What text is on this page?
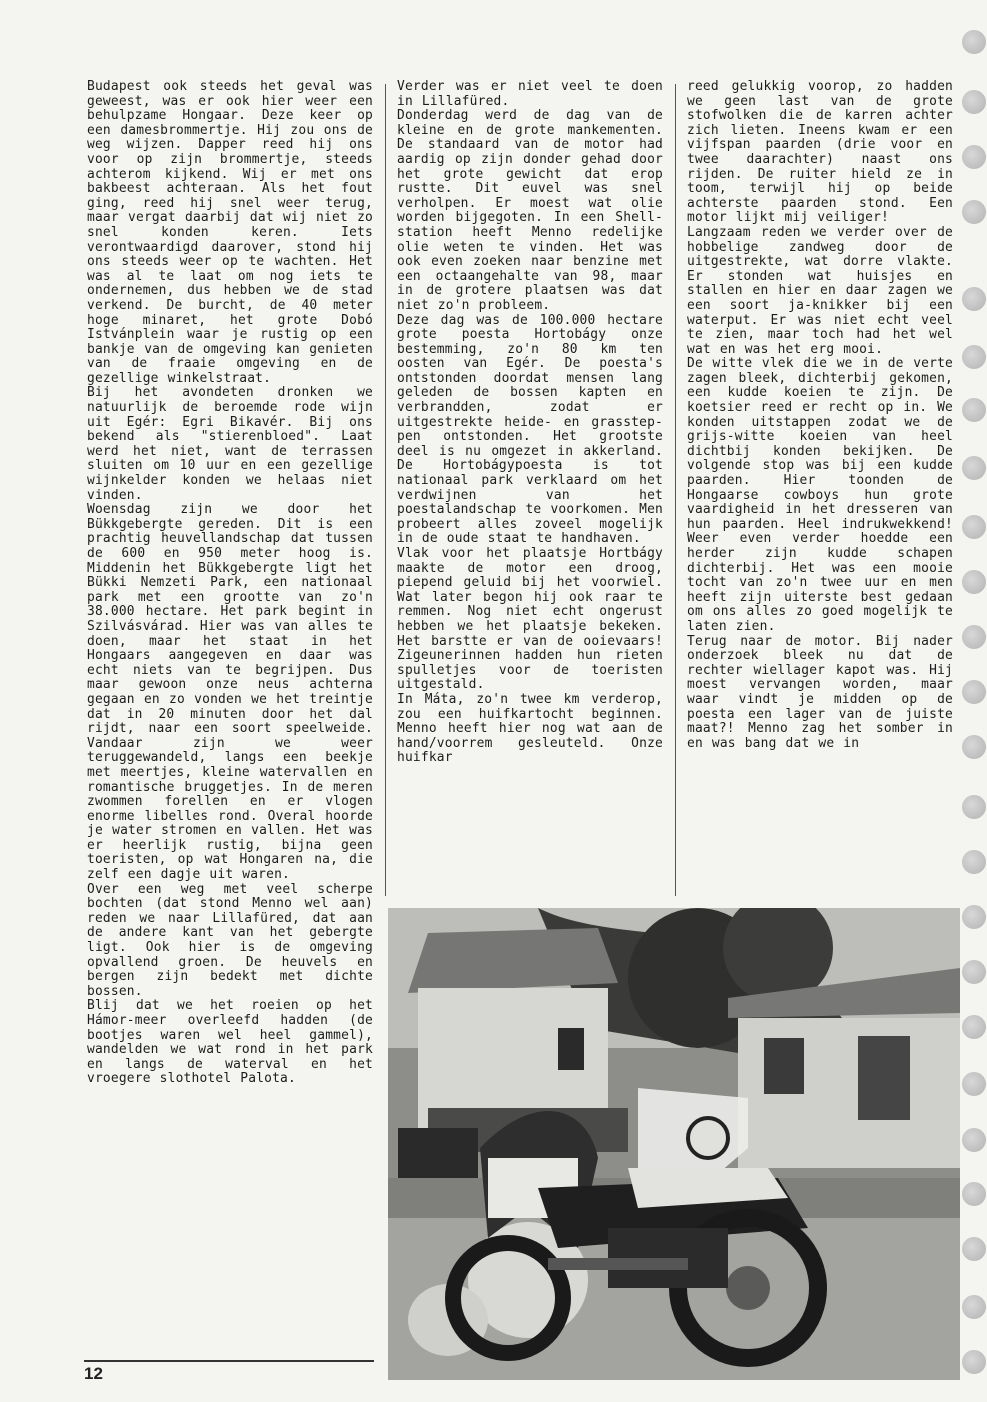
Budapest ook steeds het geval was geweest, was er ook hier weer een behulpzame Hongaar. Deze keer op een damesbrommertje. Hij zou ons de weg wijzen. Dapper reed hij ons voor op zijn brommertje, steeds achterom kijkend. Wij er met ons bakbeest achteraan. Als het fout ging, reed hij snel weer terug, maar vergat daarbij dat wij niet zo snel konden keren. Iets verontwaardigd daarover, stond hij ons steeds weer op te wachten. Het was al te laat om nog iets te ondernemen, dus hebben we de stad verkend. De burcht, de 40 meter hoge minaret, het grote Dobó Istvánplein waar je rustig op een bankje van de omgeving kan genieten van de fraaie omgeving en de gezellige winkelstraat.

Bij het avondeten dronken we natuurlijk de beroemde rode wijn uit Egér: Egri Bikavér. Bij ons bekend als "stierenbloed". Laat werd het niet, want de terrassen sluiten om 10 uur en een gezellige wijnkelder konden we helaas niet vinden.

Woensdag zijn we door het Bükkgebergte gereden. Dit is een prachtig heuvellandschap dat tussen de 600 en 950 meter hoog is. Middenin het Bükkgebergte ligt het Bükki Nemzeti Park, een nationaal park met een grootte van zo'n 38.000 hectare. Het park begint in Szilvásvárad. Hier was van alles te doen, maar het staat in het Hongaars aangegeven en daar was echt niets van te begrijpen. Dus maar gewoon onze neus achterna gegaan en zo vonden we het treintje dat in 20 minuten door het dal rijdt, naar een soort speelweide. Vandaar zijn we weer teruggewandeld, langs een beekje met meertjes, kleine watervallen en romantische bruggetjes. In de meren zwommen forellen en er vlogen enorme libelles rond. Overal hoorde je water stromen en vallen. Het was er heerlijk rustig, bijna geen toeristen, op wat Hongaren na, die zelf een dagje uit waren.

Over een weg met veel scherpe bochten (dat stond Menno wel aan) reden we naar Lillafüred, dat aan de andere kant van het gebergte ligt. Ook hier is de omgeving opvallend groen. De heuvels en bergen zijn bedekt met dichte bossen.

Blij dat we het roeien op het Hámor-meer overleefd hadden (de bootjes waren wel heel gammel), wandelden we wat rond in het park en langs de waterval en het vroegere slothotel Palota.

Verder was er niet veel te doen in Lillafüred.

Donderdag werd de dag van de kleine en de grote mankementen. De standaard van de motor had aardig op zijn donder gehad door het grote gewicht dat erop rustte. Dit euvel was snel verholpen. Er moest wat olie worden bijgegoten. In een Shell-station heeft Menno redelijke olie weten te vinden. Het was ook even zoeken naar benzine met een octaangehalte van 98, maar in de grotere plaatsen was dat niet zo'n probleem.

Deze dag was de 100.000 hectare grote poesta Hortobágy onze bestemming, zo'n 80 km ten oosten van Egér. De poesta's ontstonden doordat mensen lang geleden de bossen kapten en verbrandden, zodat er uitgestrekte heide- en grasstep-pen ontstonden. Het grootste deel is nu omgezet in akkerland. De Hortobágypoesta is tot nationaal park verklaard om het verdwijnen van het poestalandschap te voorkomen. Men probeert alles zoveel mogelijk in de oude staat te handhaven.

Vlak voor het plaatsje Hortbágy maakte de motor een droog, piepend geluid bij het voorwiel. Wat later begon hij ook raar te remmen. Nog niet echt ongerust hebben we het plaatsje bekeken. Het barstte er van de ooievaars! Zigeunerinnen hadden hun rieten spulletjes voor de toeristen uitgestald.

In Máta, zo'n twee km verderop, zou een huifkartocht beginnen. Menno heeft hier nog wat aan de hand/voorrem gesleuteld. Onze huifkar

reed gelukkig voorop, zo hadden we geen last van de grote stofwolken die de karren achter zich lieten. Ineens kwam er een vijfspan paarden (drie voor en twee daarachter) naast ons rijden. De ruiter hield ze in toom, terwijl hij op beide achterste paarden stond. Een motor lijkt mij veiliger!

Langzaam reden we verder over de hobbelige zandweg door de uitgestrekte, wat dorre vlakte. Er stonden wat huisjes en stallen en hier en daar zagen we een soort ja-knikker bij een waterput. Er was niet echt veel te zien, maar toch had het wel wat en was het erg mooi.

De witte vlek die we in de verte zagen bleek, dichterbij gekomen, een kudde koeien te zijn. De koetsier reed er recht op in. We konden uitstappen zodat we de grijs-witte koeien van heel dichtbij konden bekijken. De volgende stop was bij een kudde paarden. Hier toonden de Hongaarse cowboys hun grote vaardigheid in het dresseren van hun paarden. Heel indrukwekkend! Weer even verder hoedde een herder zijn kudde schapen dichterbij. Het was een mooie tocht van zo'n twee uur en men heeft zijn uiterste best gedaan om ons alles zo goed mogelijk te laten zien.

Terug naar de motor. Bij nader onderzoek bleek nu dat de rechter wiellager kapot was. Hij moest vervangen worden, maar waar vindt je midden op de poesta een lager van de juiste maat?! Menno zag het somber in en was bang dat we in

12
